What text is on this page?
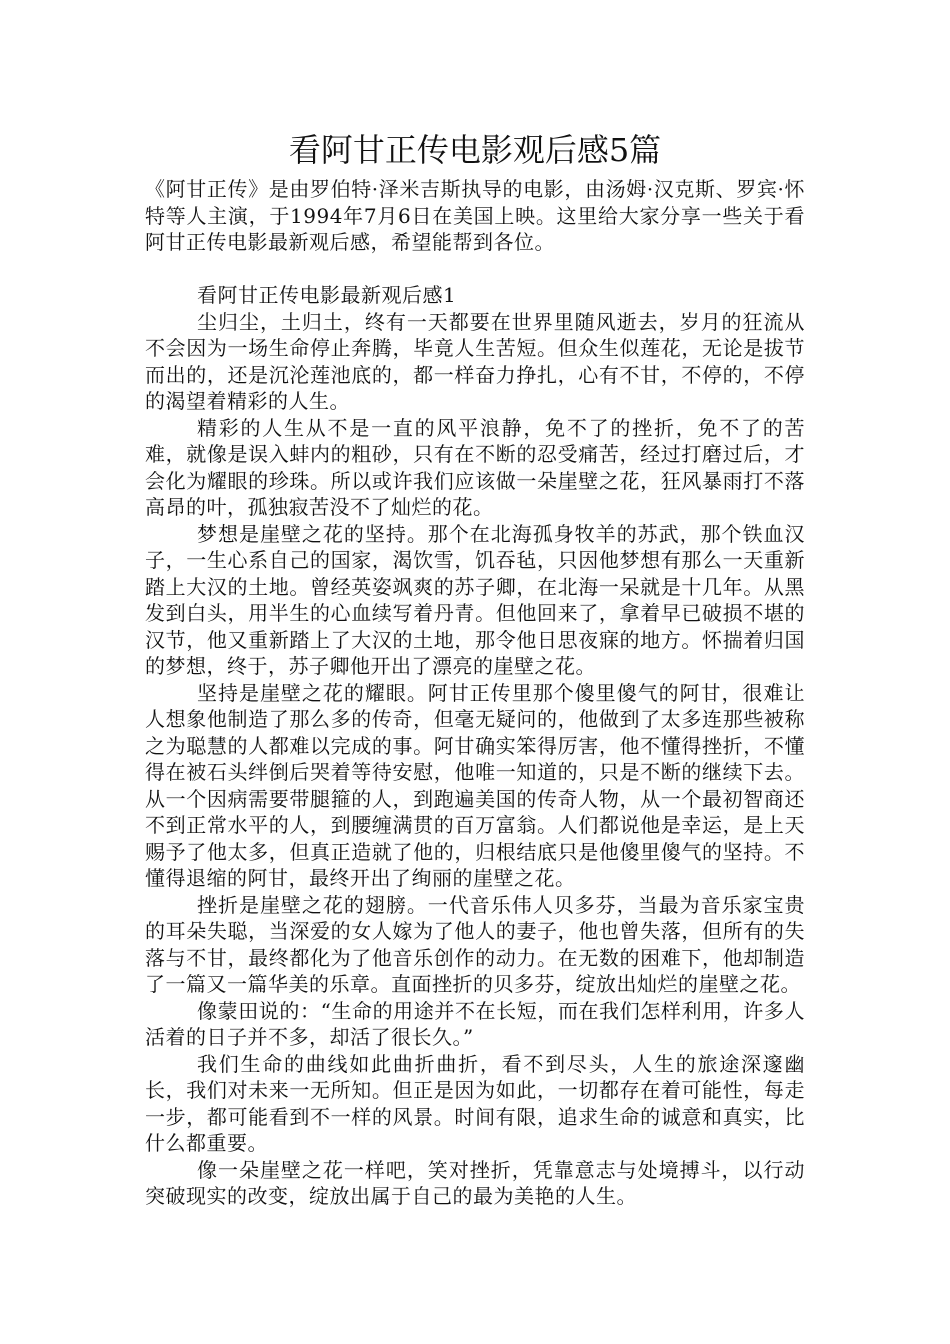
看阿甘正传电影观后感5篇

《阿甘正传》是由罗伯特·泽米吉斯执导的电影，由汤姆·汉克斯、罗宾·怀特等人主演，于1994年7月6日在美国上映。这里给大家分享一些关于看阿甘正传电影最新观后感，希望能帮到各位。

看阿甘正传电影最新观后感1

尘归尘，土归土，终有一天都要在世界里随风逝去，岁月的狂流从不会因为一场生命停止奔腾，毕竟人生苦短。但众生似莲花，无论是拔节而出的，还是沉沦莲池底的，都一样奋力挣扎，心有不甘，不停的，不停的渴望着精彩的人生。

精彩的人生从不是一直的风平浪静，免不了的挫折，免不了的苦难，就像是误入蚌内的粗砂，只有在不断的忍受痛苦，经过打磨过后，才会化为耀眼的珍珠。所以或许我们应该做一朵崖壁之花，狂风暴雨打不落高昂的叶，孤独寂苦没不了灿烂的花。

梦想是崖壁之花的坚持。那个在北海孤身牧羊的苏武，那个铁血汉子，一生心系自己的国家，渴饮雪，饥吞毡，只因他梦想有那么一天重新踏上大汉的土地。曾经英姿飒爽的苏子卿，在北海一呆就是十几年。从黑发到白头，用半生的心血续写着丹青。但他回来了，拿着早已破损不堪的汉节，他又重新踏上了大汉的土地，那令他日思夜寐的地方。怀揣着归国的梦想，终于，苏子卿他开出了漂亮的崖壁之花。

坚持是崖壁之花的耀眼。阿甘正传里那个傻里傻气的阿甘，很难让人想象他制造了那么多的传奇，但毫无疑问的，他做到了太多连那些被称之为聪慧的人都难以完成的事。阿甘确实笨得厉害，他不懂得挫折，不懂得在被石头绊倒后哭着等待安慰，他唯一知道的，只是不断的继续下去。从一个因病需要带腿箍的人，到跑遍美国的传奇人物，从一个最初智商还不到正常水平的人，到腰缠满贯的百万富翁。人们都说他是幸运，是上天赐予了他太多，但真正造就了他的，归根结底只是他傻里傻气的坚持。不懂得退缩的阿甘，最终开出了绚丽的崖壁之花。

挫折是崖壁之花的翅膀。一代音乐伟人贝多芬，当最为音乐家宝贵的耳朵失聪，当深爱的女人嫁为了他人的妻子，他也曾失落，但所有的失落与不甘，最终都化为了他音乐创作的动力。在无数的困难下，他却制造了一篇又一篇华美的乐章。直面挫折的贝多芬，绽放出灿烂的崖壁之花。

像蒙田说的：“生命的用途并不在长短，而在我们怎样利用，许多人活着的日子并不多，却活了很长久。”

我们生命的曲线如此曲折曲折，看不到尽头，人生的旅途深邃幽长，我们对未来一无所知。但正是因为如此，一切都存在着可能性，每走一步，都可能看到不一样的风景。时间有限，追求生命的诚意和真实，比什么都重要。

像一朵崖壁之花一样吧，笑对挫折，凭靠意志与处境搏斗，以行动突破现实的改变，绽放出属于自己的最为美艳的人生。
